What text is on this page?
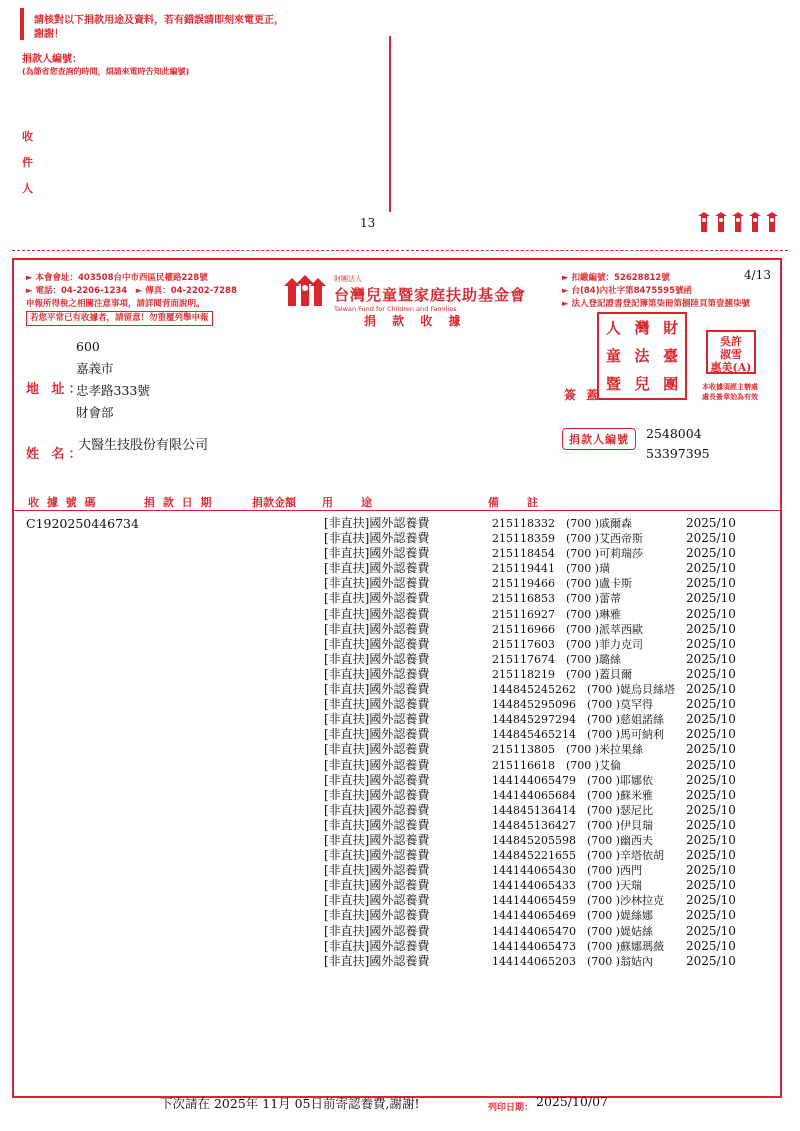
請核對以下捐款用途及資料，若有錯誤請即刻來電更正，
謝謝！
捐款人編號：
(為節省您查詢的時間，煩請來電時告知此編號)
收
件
人
13
► 本會會址：403508台中市西區民權路228號
► 電話：04-2206-1234　► 傳真：04-2202-7288
申報所得稅之相關注意事項，請詳閱背面說明。
若您平常已有收據者，請留意！勿重覆列舉申報
財團法人
台灣兒童暨家庭扶助基金會
Taiwan Fund for Children and Families
捐 款 收 據
► 扣繳編號：52628812號
► 台(84)內社字第8475595號函
► 法人登記證書登記簿第柒冊第捌陸頁第壹捌柒號
4/13
人 灣 財
童 法 臺
暨 兒 團
吳許
淑雪
惠美(A)
本收據須經主辦處
處長簽章始為有效
簽 蓋
600
嘉義市
忠孝路333號
財會部
地 址：
姓 名：
大醫生技股份有限公司	捐款人編號	2548004
53397395
收 據 號 碼	捐 款 日 期	捐款金額 用　　途	備　　註
C1920250446734	[非直扶]國外認養費	215118332　(700 )戚爾森	2025/10
[非直扶]國外認養費	215118359　(700 )艾西帝斯	2025/10
[非直扶]國外認養費	215118454　(700 )可莉瑞莎	2025/10
[非直扶]國外認養費	215119441　(700 )璜	2025/10
[非直扶]國外認養費	215119466　(700 )盧卡斯	2025/10
[非直扶]國外認養費	215116853　(700 )蕾蒂	2025/10
[非直扶]國外認養費	215116927　(700 )琳雅	2025/10
[非直扶]國外認養費	215116966　(700 )派萃西歐	2025/10
[非直扶]國外認養費	215117603　(700 )菲力克司	2025/10
[非直扶]國外認養費	215117674　(700 )璐絲	2025/10
[非直扶]國外認養費	215118219　(700 )蓋貝爾	2025/10
[非直扶]國外認養費	144845245262　(700 )媞烏貝絲塔 2025/10
[非直扶]國外認養費	144845295096　(700 )莫罕得	2025/10
[非直扶]國外認養費	144845297294　(700 )慈姐諾絲 2025/10
[非直扶]國外認養費	144845465214　(700 )馬可納利 2025/10
[非直扶]國外認養費	215113805　(700 )米拉果絲	2025/10
[非直扶]國外認養費	215116618　(700 )艾倫	2025/10
[非直扶]國外認養費	144144065479　(700 )耶娜依	2025/10
[非直扶]國外認養費	144144065684　(700 )蘇米雅	2025/10
[非直扶]國外認養費	144845136414　(700 )瑟尼比	2025/10
[非直扶]國外認養費	144845136427　(700 )伊貝瑞	2025/10
[非直扶]國外認養費	144845205598　(700 )幽西夫	2025/10
[非直扶]國外認養費	144845221655　(700 )辛塔依胡 2025/10
[非直扶]國外認養費	144144065430　(700 )西門	2025/10
[非直扶]國外認養費	144144065433　(700 )天瑞	2025/10
[非直扶]國外認養費	144144065459　(700 )沙林拉克 2025/10
[非直扶]國外認養費	144144065469　(700 )媞絲娜	2025/10
[非直扶]國外認養費	144144065470　(700 )媞姞絲	2025/10
[非直扶]國外認養費	144144065473　(700 )蘇娜瑪薇 2025/10
[非直扶]國外認養費	144144065203　(700 )翁姞內	2025/10
下次請在 2025年 11月 05日前寄認養費,謝謝!	列印日期： 2025/10/07
